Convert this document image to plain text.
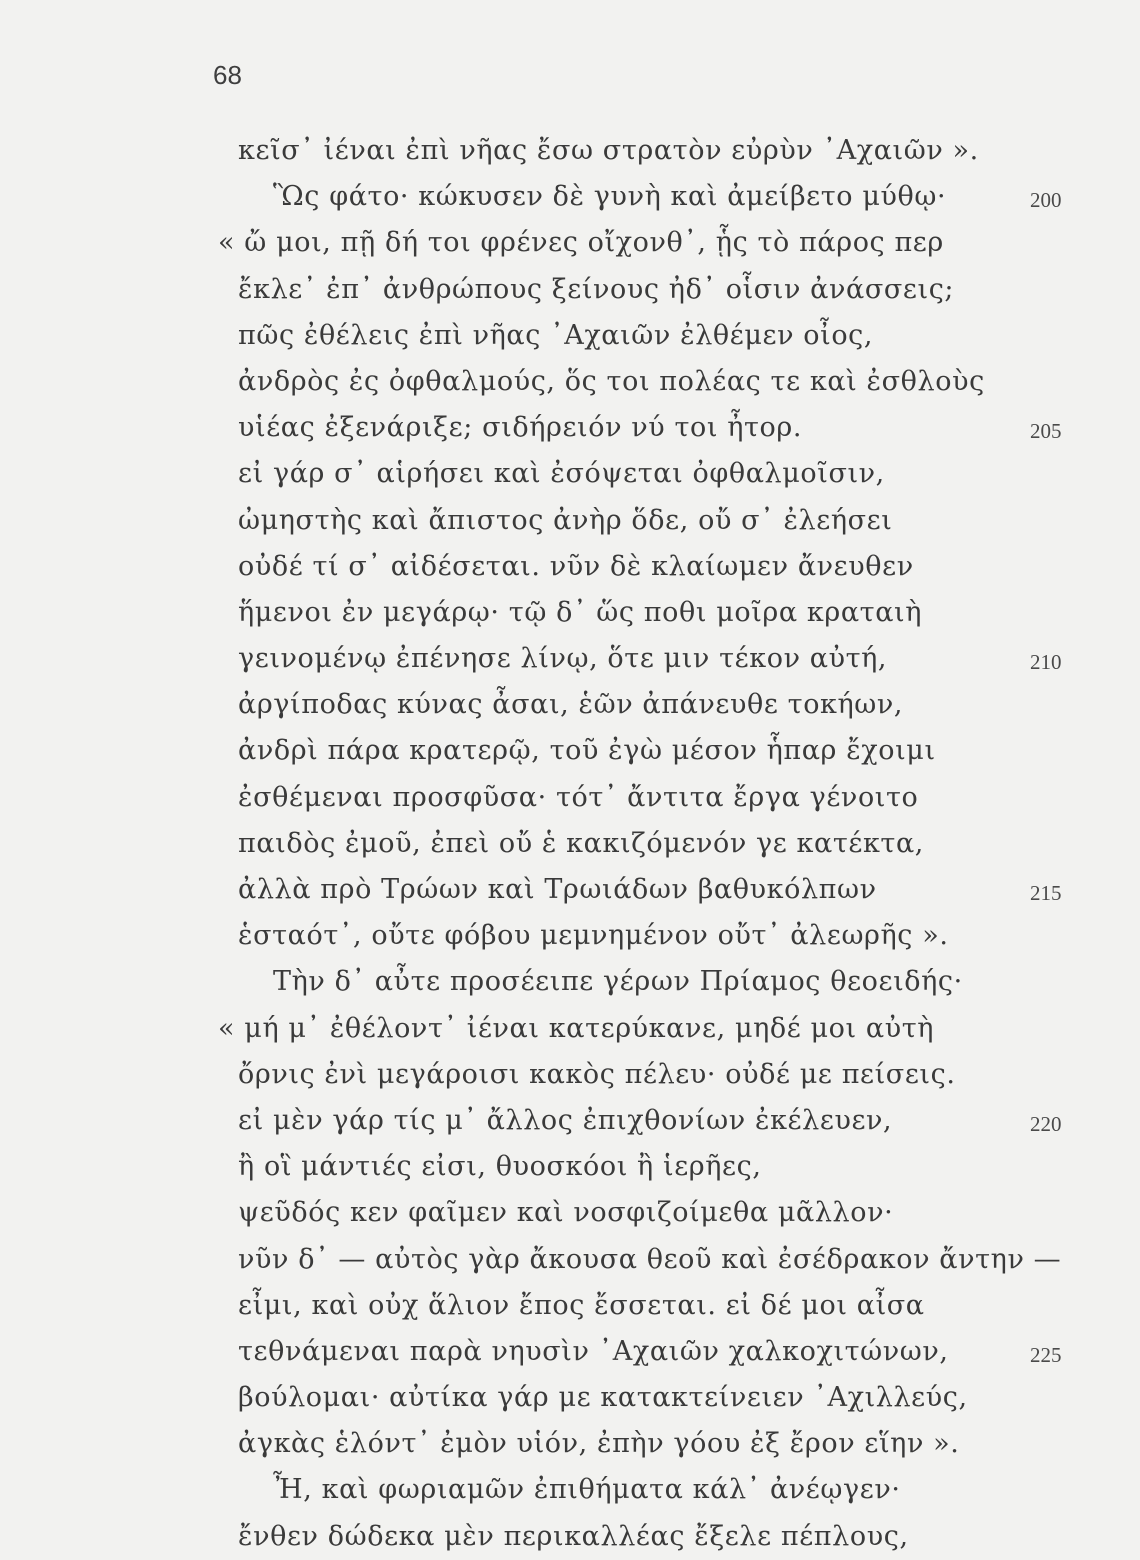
68
κεῖσ᾽ ἰέναι ἐπὶ νῆας ἔσω στρατὸν εὐρὺν ᾿Αχαιῶν ».
Ὣς φάτο· κώκυσεν δὲ γυνὴ καὶ ἀμείβετο μύθῳ·	200
« ὤ μοι, πῇ δή τοι φρένες οἴχονθ᾽, ᾗς τὸ πάρος περ
ἔκλε᾽ ἐπ᾽ ἀνθρώπους ξείνους ἠδ᾽ οἷσιν ἀνάσσεις;
πῶς ἐθέλεις ἐπὶ νῆας ᾿Αχαιῶν ἐλθέμεν οἶος,
ἀνδρὸς ἐς ὀφθαλμούς, ὅς τοι πολέας τε καὶ ἐσθλοὺς
υἱέας ἐξενάριξε; σιδήρειόν νύ τοι ἦτορ.	205
εἰ γάρ σ᾽ αἱρήσει καὶ ἐσόψεται ὀφθαλμοῖσιν,
ὠμηστὴς καὶ ἄπιστος ἀνὴρ ὅδε, οὔ σ᾽ ἐλεήσει
οὐδέ τί σ᾽ αἰδέσεται. νῦν δὲ κλαίωμεν ἄνευθεν
ἥμενοι ἐν μεγάρῳ· τῷ δ᾽ ὥς ποθι μοῖρα κραταιὴ
γεινομένῳ ἐπένησε λίνῳ, ὅτε μιν τέκον αὐτή,	210
ἀργίποδας κύνας ἆσαι, ἑῶν ἀπάνευθε τοκήων,
ἀνδρὶ πάρα κρατερῷ, τοῦ ἐγὼ μέσον ἧπαρ ἔχοιμι
ἐσθέμεναι προσφῦσα· τότ᾽ ἄντιτα ἔργα γένοιτο
παιδὸς ἐμοῦ, ἐπεὶ οὔ ἑ κακιζόμενόν γε κατέκτα,
ἀλλὰ πρὸ Τρώων καὶ Τρωιάδων βαθυκόλπων	215
ἑσταότ᾽, οὔτε φόβου μεμνημένον οὔτ᾽ ἀλεωρῆς ».
Τὴν δ᾽ αὖτε προσέειπε γέρων Πρίαμος θεοειδής·
« μή μ᾽ ἐθέλοντ᾽ ἰέναι κατερύκανε, μηδέ μοι αὐτὴ
ὄρνις ἐνὶ μεγάροισι κακὸς πέλευ· οὐδέ με πείσεις.
εἰ μὲν γάρ τίς μ᾽ ἄλλος ἐπιχθονίων ἐκέλευεν,	220
ἢ οἳ μάντιές εἰσι, θυοσκόοι ἢ ἱερῆες,
ψεῦδός κεν φαῖμεν καὶ νοσφιζοίμεθα μᾶλλον·
νῦν δ᾽ — αὐτὸς γὰρ ἄκουσα θεοῦ καὶ ἐσέδρακον ἄντην —
εἶμι, καὶ οὐχ ἅλιον ἔπος ἔσσεται. εἰ δέ μοι αἶσα
τεθνάμεναι παρὰ νηυσὶν ᾿Αχαιῶν χαλκοχιτώνων,	225
βούλομαι· αὐτίκα γάρ με κατακτείνειεν ᾿Αχιλλεύς,
ἀγκὰς ἑλόντ᾽ ἐμὸν υἱόν, ἐπὴν γόου ἐξ ἔρον εἵην ».
Ἦ, καὶ φωριαμῶν ἐπιθήματα κάλ᾽ ἀνέῳγεν·
ἔνθεν δώδεκα μὲν περικαλλέας ἔξελε πέπλους,
